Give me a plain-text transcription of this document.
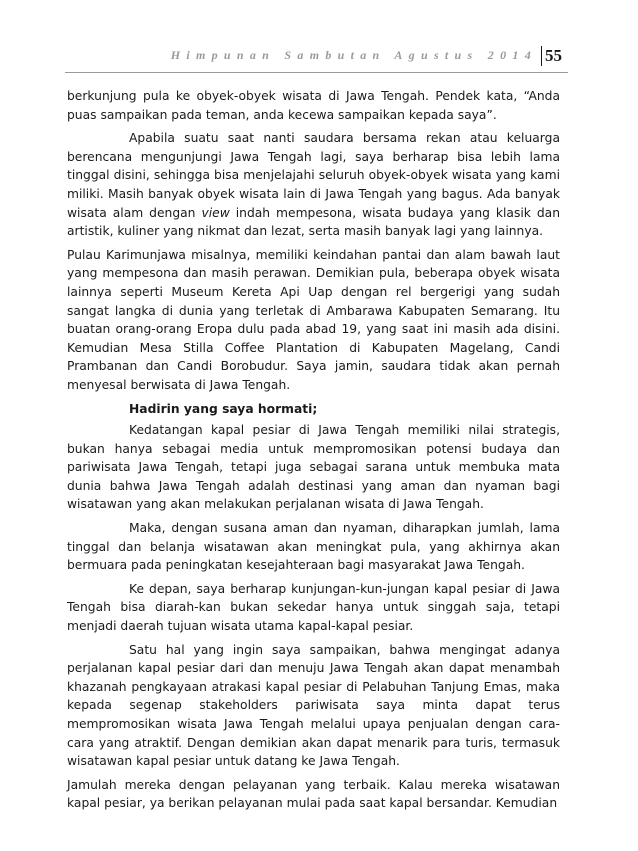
Himpunan Sambutan Agustus 2014 55

berkunjung pula ke obyek-obyek wisata di Jawa Tengah. Pendek kata, “Anda puas sampaikan pada teman, anda kecewa sampaikan kepada saya”.

Apabila suatu saat nanti saudara bersama rekan atau keluarga berencana mengunjungi Jawa Tengah lagi, saya berharap bisa lebih lama tinggal disini, sehingga bisa menjelajahi seluruh obyek-obyek wisata yang kami miliki. Masih banyak obyek wisata lain di Jawa Tengah yang bagus. Ada banyak wisata alam dengan view indah mempesona, wisata budaya yang klasik dan artistik, kuliner yang nikmat dan lezat, serta masih banyak lagi yang lainnya.

Pulau Karimunjawa misalnya, memiliki keindahan pantai dan alam bawah laut yang mempesona dan masih perawan. Demikian pula, beberapa obyek wisata lainnya seperti Museum Kereta Api Uap dengan rel bergerigi yang sudah sangat langka di dunia yang terletak di Ambarawa Kabupaten Semarang. Itu buatan orang-orang Eropa dulu pada abad 19, yang saat ini masih ada disini. Kemudian Mesa Stilla Coffee Plantation di Kabupaten Magelang, Candi Prambanan dan Candi Borobudur. Saya jamin, saudara tidak akan pernah menyesal berwisata di Jawa Tengah.

Hadirin yang saya hormati;

Kedatangan kapal pesiar di Jawa Tengah memiliki nilai strategis, bukan hanya sebagai media untuk mempromosikan potensi budaya dan pariwisata Jawa Tengah, tetapi juga sebagai sarana untuk membuka mata dunia bahwa Jawa Tengah adalah destinasi yang aman dan nyaman bagi wisatawan yang akan melakukan perjalanan wisata di Jawa Tengah.

Maka, dengan susana aman dan nyaman, diharapkan jumlah, lama tinggal dan belanja wisatawan akan meningkat pula, yang akhirnya akan bermuara pada peningkatan kesejahteraan bagi masyarakat Jawa Tengah.

Ke depan, saya berharap kunjungan-kun-jungan kapal pesiar di Jawa Tengah bisa diarah-kan bukan sekedar hanya untuk singgah saja, tetapi menjadi daerah tujuan wisata utama kapal-kapal pesiar.

Satu hal yang ingin saya sampaikan, bahwa mengingat adanya perjalanan kapal pesiar dari dan menuju Jawa Tengah akan dapat menambah khazanah pengkayaan atrakasi kapal pesiar di Pelabuhan Tanjung Emas, maka kepada segenap stakeholders pariwisata saya minta dapat terus mempromosikan wisata Jawa Tengah melalui upaya penjualan dengan cara-cara yang atraktif. Dengan demikian akan dapat menarik para turis, termasuk wisatawan kapal pesiar untuk datang ke Jawa Tengah.

Jamulah mereka dengan pelayanan yang terbaik. Kalau mereka wisatawan kapal pesiar, ya berikan pelayanan mulai pada saat kapal bersandar. Kemudian
